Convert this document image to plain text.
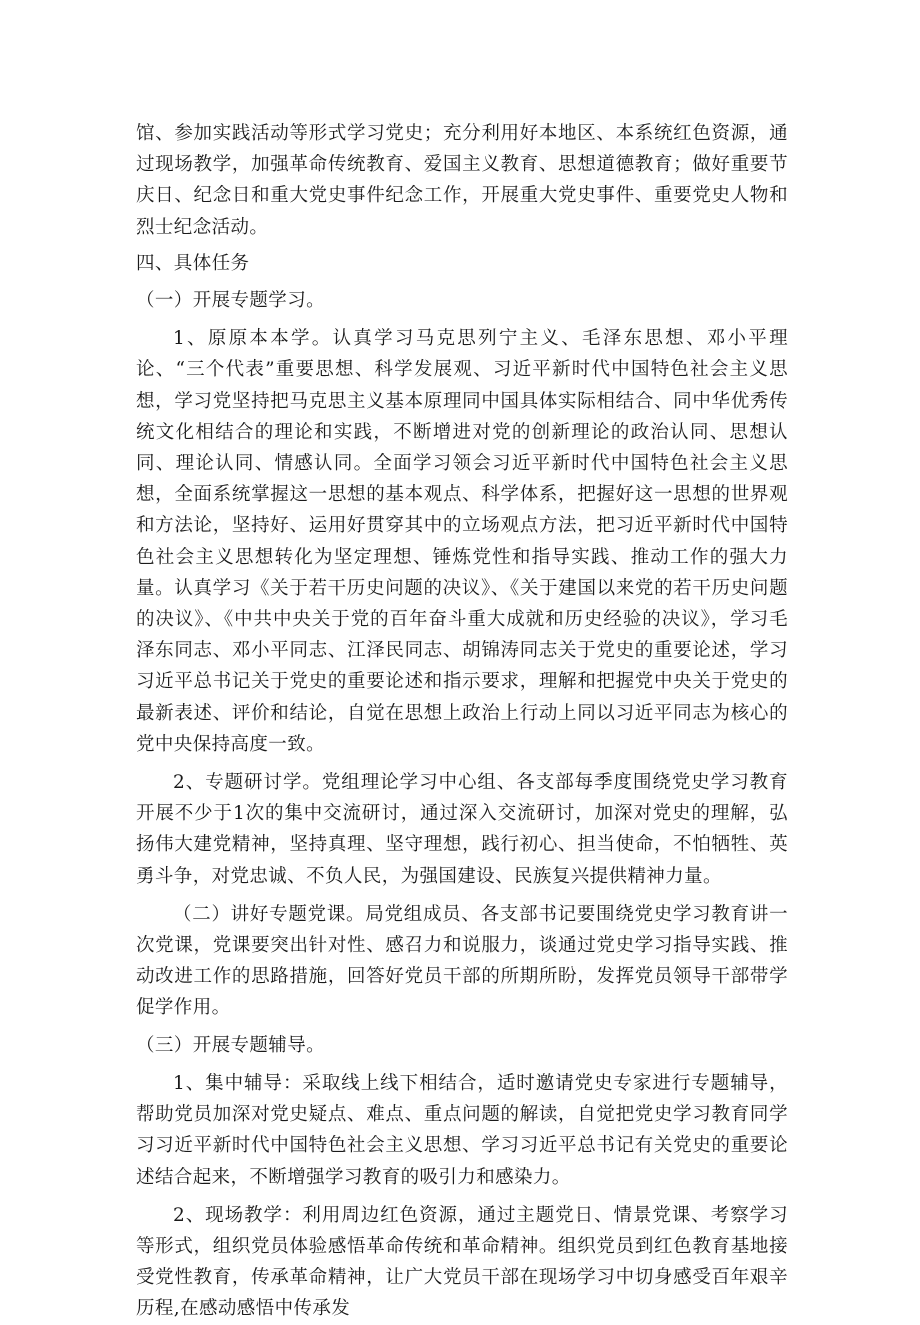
馆、参加实践活动等形式学习党史；充分利用好本地区、本系统红色资源，通过现场教学，加强革命传统教育、爱国主义教育、思想道德教育；做好重要节庆日、纪念日和重大党史事件纪念工作，开展重大党史事件、重要党史人物和烈士纪念活动。

四、具体任务

（一）开展专题学习。

1、原原本本学。认真学习马克思列宁主义、毛泽东思想、邓小平理论、“三个代表”重要思想、科学发展观、习近平新时代中国特色社会主义思想，学习党坚持把马克思主义基本原理同中国具体实际相结合、同中华优秀传统文化相结合的理论和实践，不断增进对党的创新理论的政治认同、思想认同、理论认同、情感认同。全面学习领会习近平新时代中国特色社会主义思想，全面系统掌握这一思想的基本观点、科学体系，把握好这一思想的世界观和方法论，坚持好、运用好贯穿其中的立场观点方法，把习近平新时代中国特色社会主义思想转化为坚定理想、锤炼党性和指导实践、推动工作的强大力量。认真学习《关于若干历史问题的决议》、《关于建国以来党的若干历史问题的决议》、《中共中央关于党的百年奋斗重大成就和历史经验的决议》，学习毛泽东同志、邓小平同志、江泽民同志、胡锦涛同志关于党史的重要论述，学习习近平总书记关于党史的重要论述和指示要求，理解和把握党中央关于党史的最新表述、评价和结论，自觉在思想上政治上行动上同以习近平同志为核心的党中央保持高度一致。

2、专题研讨学。党组理论学习中心组、各支部每季度围绕党史学习教育开展不少于1次的集中交流研讨，通过深入交流研讨，加深对党史的理解，弘扬伟大建党精神，坚持真理、坚守理想，践行初心、担当使命，不怕牺牲、英勇斗争，对党忠诚、不负人民，为强国建设、民族复兴提供精神力量。

（二）讲好专题党课。局党组成员、各支部书记要围绕党史学习教育讲一次党课，党课要突出针对性、感召力和说服力，谈通过党史学习指导实践、推动改进工作的思路措施，回答好党员干部的所期所盼，发挥党员领导干部带学促学作用。

（三）开展专题辅导。

1、集中辅导：采取线上线下相结合，适时邀请党史专家进行专题辅导，帮助党员加深对党史疑点、难点、重点问题的解读，自觉把党史学习教育同学习习近平新时代中国特色社会主义思想、学习习近平总书记有关党史的重要论述结合起来，不断增强学习教育的吸引力和感染力。

2、现场教学：利用周边红色资源，通过主题党日、情景党课、考察学习等形式，组织党员体验感悟革命传统和革命精神。组织党员到红色教育基地接受党性教育，传承革命精神，让广大党员干部在现场学习中切身感受百年艰辛历程,在感动感悟中传承发
